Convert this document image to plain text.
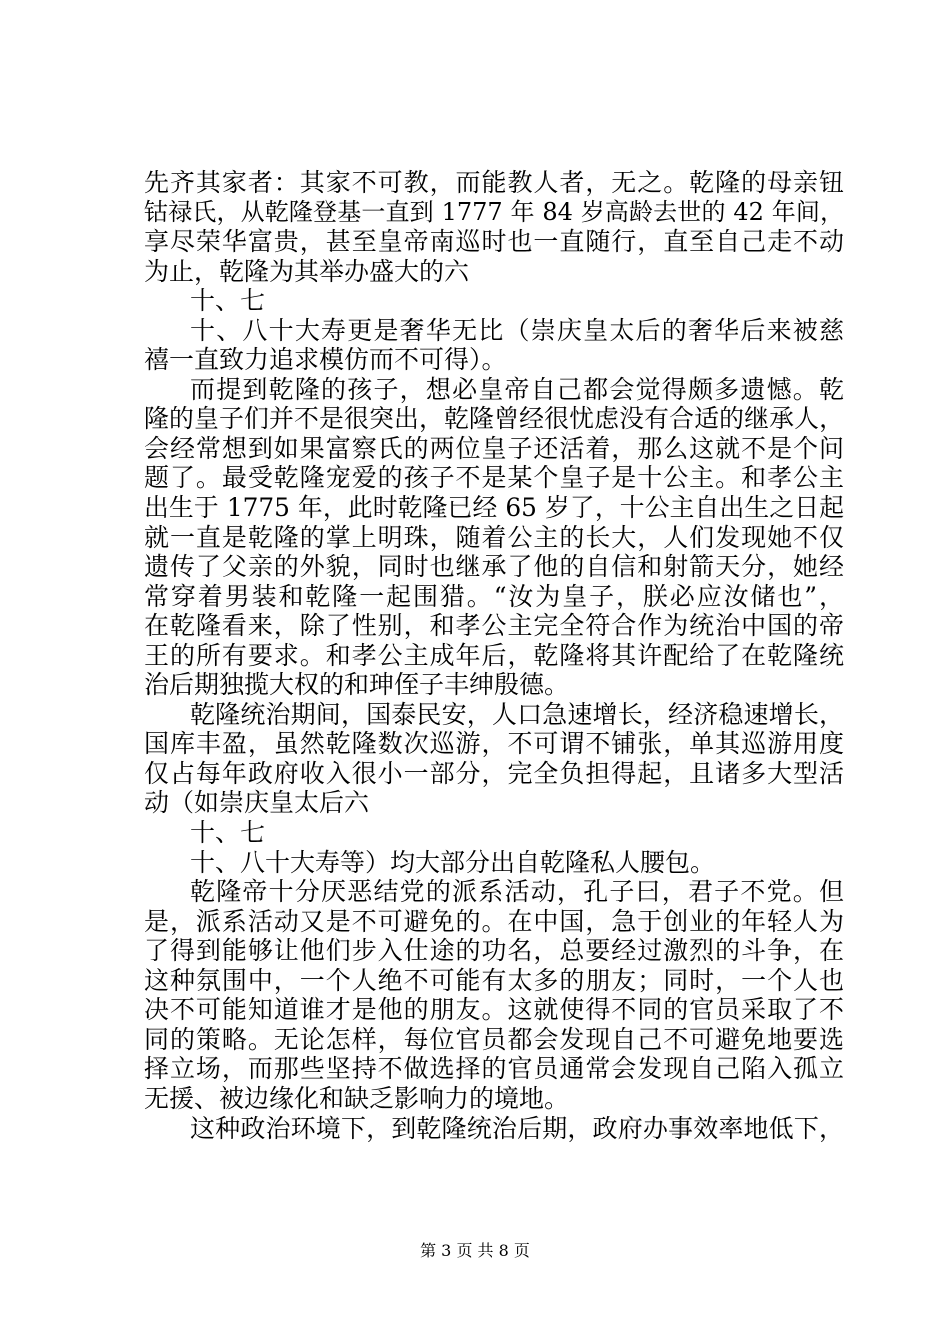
先齐其家者：其家不可教，而能教人者，无之。乾隆的母亲钮
钴禄氏，从乾隆登基一直到 1777 年 84 岁高龄去世的 42 年间，
享尽荣华富贵，甚至皇帝南巡时也一直随行，直至自己走不动
为止，乾隆为其举办盛大的六
十、七
十、八十大寿更是奢华无比（崇庆皇太后的奢华后来被慈
禧一直致力追求模仿而不可得）。
而提到乾隆的孩子，想必皇帝自己都会觉得颇多遗憾。乾
隆的皇子们并不是很突出，乾隆曾经很忧虑没有合适的继承人，
会经常想到如果富察氏的两位皇子还活着，那么这就不是个问
题了。最受乾隆宠爱的孩子不是某个皇子是十公主。和孝公主
出生于 1775 年，此时乾隆已经 65 岁了，十公主自出生之日起
就一直是乾隆的掌上明珠，随着公主的长大，人们发现她不仅
遗传了父亲的外貌，同时也继承了他的自信和射箭天分，她经
常穿着男装和乾隆一起围猎。“汝为皇子，朕必应汝储也”，
在乾隆看来，除了性别，和孝公主完全符合作为统治中国的帝
王的所有要求。和孝公主成年后，乾隆将其许配给了在乾隆统
治后期独揽大权的和珅侄子丰绅殷德。
乾隆统治期间，国泰民安，人口急速增长，经济稳速增长，
国库丰盈，虽然乾隆数次巡游，不可谓不铺张，单其巡游用度
仅占每年政府收入很小一部分，完全负担得起，且诸多大型活
动（如崇庆皇太后六
十、七
十、八十大寿等）均大部分出自乾隆私人腰包。
乾隆帝十分厌恶结党的派系活动，孔子曰，君子不党。但
是，派系活动又是不可避免的。在中国，急于创业的年轻人为
了得到能够让他们步入仕途的功名，总要经过激烈的斗争，在
这种氛围中，一个人绝不可能有太多的朋友；同时，一个人也
决不可能知道谁才是他的朋友。这就使得不同的官员采取了不
同的策略。无论怎样，每位官员都会发现自己不可避免地要选
择立场，而那些坚持不做选择的官员通常会发现自己陷入孤立
无援、被边缘化和缺乏影响力的境地。
这种政治环境下，到乾隆统治后期，政府办事效率地低下，
第 3 页 共 8 页
